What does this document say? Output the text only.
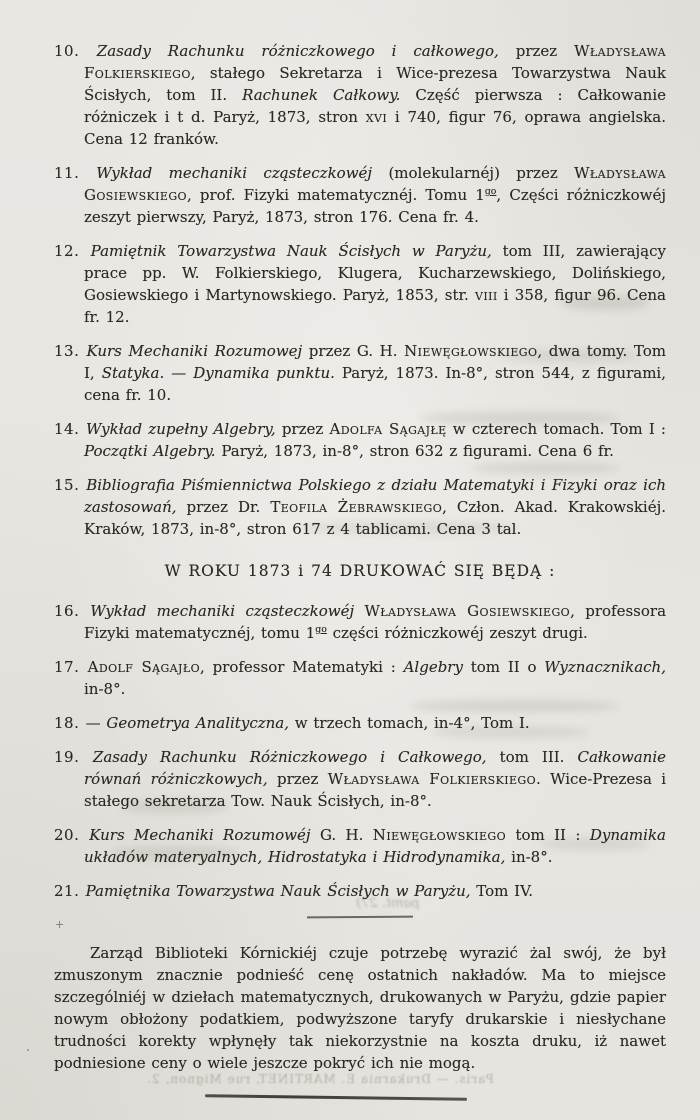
pamt. 27)

10. Zasady Rachunku różniczkowego i całkowego, przez Władysława Folkierskiego, stałego Sekretarza i Wice-prezesa Towarzystwa Nauk Ścisłych, tom II. Rachunek Całkowy. Część pierwsza : Całkowanie różniczek i t d. Paryż, 1873, stron xvi i 740, figur 76, oprawa angielska. Cena 12 franków.

11. Wykład mechaniki cząsteczkowéj (molekularnéj) przez Władysława Gosiewskiego, prof. Fizyki matematycznéj. Tomu $1^{go}$, Części różniczkowéj zeszyt pierwszy, Paryż, 1873, stron 176. Cena fr. 4.

12. Pamiętnik Towarzystwa Nauk Ścisłych w Paryżu, tom III, zawierający prace pp. W. Folkierskiego, Klugera, Kucharzewskiego, Dolińskiego, Gosiewskiego i Martynowskiego. Paryż, 1853, str. viii i 358, figur 96. Cena fr. 12.

13. Kurs Mechaniki Rozumowej przez G. H. Niewęgłowskiego, dwa tomy. Tom I, Statyka. — Dynamika punktu. Paryż, 1873. In-8°, stron 544, z figurami, cena fr. 10.

14. Wykład zupełny Algebry, przez Adolfa Sągajłę w czterech tomach. Tom I : Początki Algebry. Paryż, 1873, in-8°, stron 632 z figurami. Cena 6 fr.

15. Bibliografia Piśmiennictwa Polskiego z działu Matematyki i Fizyki oraz ich zastosowań, przez Dr. Teofila Żebrawskiego, Człon. Akad. Krakowskiéj. Kraków, 1873, in-8°, stron 617 z 4 tablicami. Cena 3 tal.

W ROKU 1873 i 74 DRUKOWAĆ SIĘ BĘDĄ :

16. Wykład mechaniki cząsteczkowéj Władysława Gosiewskiego, professora Fizyki matematycznéj, tomu $1^{go}$ części różniczkowéj zeszyt drugi.

17. Adolf Sągajło, professor Matematyki : Algebry tom II o Wyznacznikach, in-8°.

18. — Geometrya Analityczna, w trzech tomach, in-4°, Tom I.

19. Zasady Rachunku Różniczkowego i Całkowego, tom III. Całkowanie równań różniczkowych, przez Władysława Folkierskiego. Wice-Prezesa i stałego sekretarza Tow. Nauk Ścisłych, in-8°.

20. Kurs Mechaniki Rozumowéj G. H. Niewęgłowskiego tom II : Dynamika układów materyalnych, Hidrostatyka i Hidrodynamika, in-8°.

21. Pamiętnika Towarzystwa Nauk Ścisłych w Paryżu, Tom IV.

Zarząd Biblioteki Kórnickiéj czuje potrzebę wyrazić żal swój, że był zmuszonym znacznie podnieść cenę ostatnich nakładów. Ma to miejsce szczególniéj w dziełach matematycznych, drukowanych w Paryżu, gdzie papier nowym obłożony podatkiem, podwyższone taryfy drukarskie i niesłychane trudności korekty wpłynęły tak niekorzystnie na koszta druku, iż nawet podniesione ceny o wiele jeszcze pokryć ich nie mogą.

+
.
Paris. — Drukarnia E. MARTINET, rue Mignon, 2.
